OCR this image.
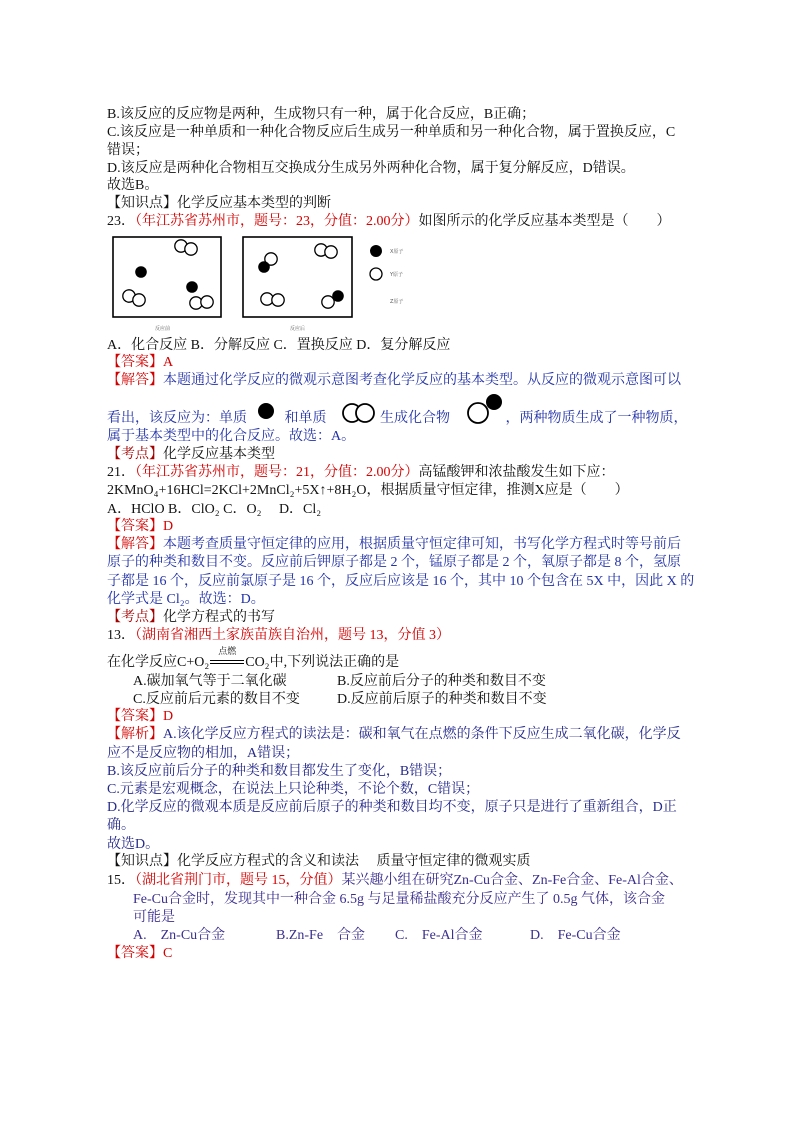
B.该反应的反应物是两种，生成物只有一种，属于化合反应，B正确；
C.该反应是一种单质和一种化合物反应后生成另一种单质和另一种化合物，属于置换反应，C
错误；
D.该反应是两种化合物相互交换成分生成另外两种化合物，属于复分解反应，D错误。
故选B。
【知识点】化学反应基本类型的判断
23．（年江苏省苏州市，题号：23，分值：2.00分）如图所示的化学反应基本类型是（　　）
X原子
Y原子
Z原子
反应前	反应后
A．化合反应 B．分解反应 C．置换反应 D．复分解反应
【答案】A
【解答】本题通过化学反应的微观示意图考查化学反应的基本类型。从反应的微观示意图可以
看出，该反应为：单质 和单质	生成化合物	，两种物质生成了一种物质，
属于基本类型中的化合反应。故选：A。
【考点】化学反应基本类型
21．（年江苏省苏州市，题号：21，分值：2.00分）高锰酸钾和浓盐酸发生如下应：
2KMnO₄+16HCl=2KCl+2MnCl₂+5X↑+8H₂O，根据质量守恒定律，推测X应是（　　）
A．HClO B．ClO₂ C．O₂　 D．Cl₂
【答案】D
【解答】本题考查质量守恒定律的应用，根据质量守恒定律可知，书写化学方程式时等号前后
原子的种类和数目不变。反应前后钾原子都是 2 个，锰原子都是 2 个，氧原子都是 8 个，氢原
子都是 16 个，反应前氯原子是 16 个，反应后应该是 16 个，其中 10 个包含在 5X 中，因此 X 的
化学式是 Cl₂。故选：D。
【考点】化学方程式的书写
13．（湖南省湘西土家族苗族自治州，题号 13，分值 3）
在化学反应C+O₂
点燃
CO₂中,下列说法正确的是
A.碳加氧气等于二氧化碳	B.反应前后分子的种类和数目不变
C.反应前后元素的数目不变	D.反应前后原子的种类和数目不变
【答案】D
【解析】A.该化学反应方程式的读法是：碳和氧气在点燃的条件下反应生成二氧化碳，化学反
应不是反应物的相加，A错误；
B.该反应前后分子的种类和数目都发生了变化，B错误；
C.元素是宏观概念，在说法上只论种类，不论个数，C错误；
D.化学反应的微观本质是反应前后原子的种类和数目均不变，原子只是进行了重新组合，D正
确。
故选D。
【知识点】化学反应方程式的含义和读法     质量守恒定律的微观实质
15．（湖北省荆门市，题号 15，分值）某兴趣小组在研究Zn-Cu合金、Zn-Fe合金、Fe-Al合金、
Fe-Cu合金时，发现其中一种合金 6.5g 与足量稀盐酸充分反应产生了 0.5g 气体，该合金
可能是
A.　Zn-Cu合金	B.Zn-Fe　合金 C.　Fe-Al合金	D.　Fe-Cu合金
【答案】C
